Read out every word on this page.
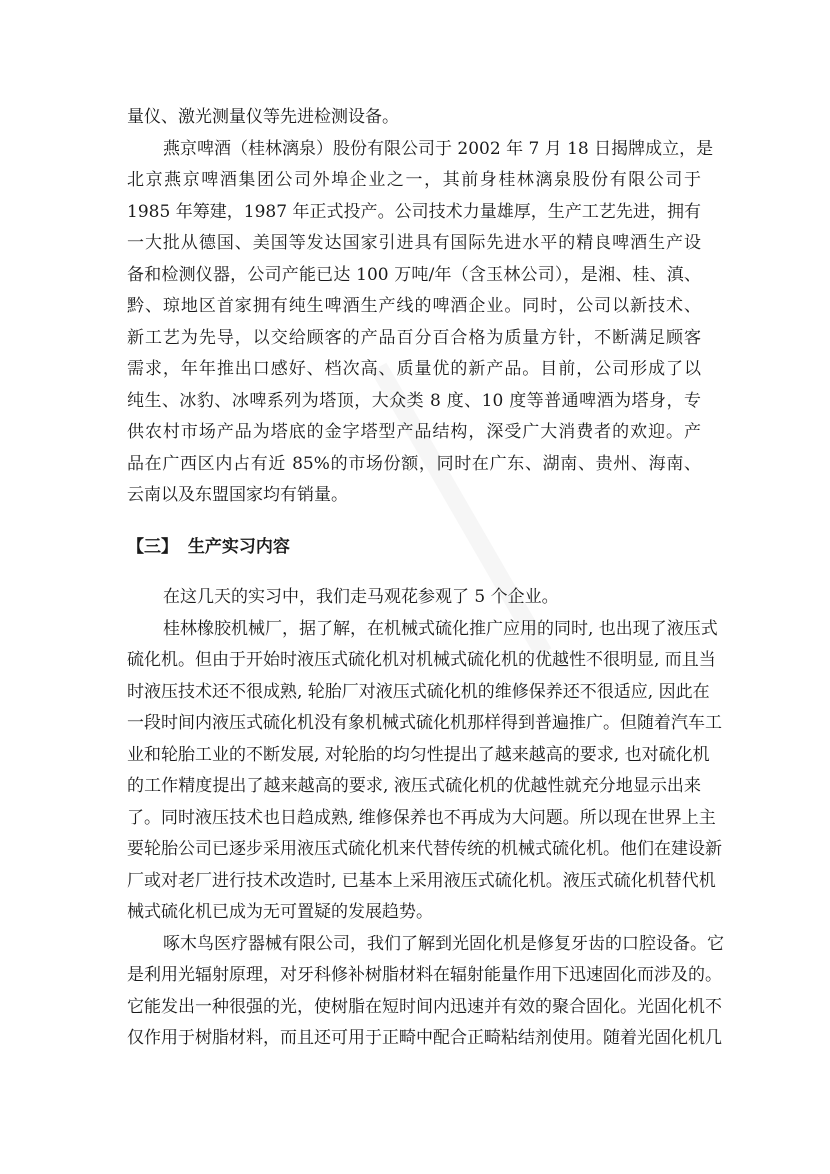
量仪、激光测量仪等先进检测设备。
燕京啤酒（桂林漓泉）股份有限公司于 2002 年 7 月 18 日揭牌成立，是
北京燕京啤酒集团公司外埠企业之一，其前身桂林漓泉股份有限公司于
1985 年筹建，1987 年正式投产。公司技术力量雄厚，生产工艺先进，拥有
一大批从德国、美国等发达国家引进具有国际先进水平的精良啤酒生产设
备和检测仪器，公司产能已达 100 万吨/年（含玉林公司），是湘、桂、滇、
黔、琼地区首家拥有纯生啤酒生产线的啤酒企业。同时，公司以新技术、
新工艺为先导，以交给顾客的产品百分百合格为质量方针，不断满足顾客
需求，年年推出口感好、档次高、质量优的新产品。目前，公司形成了以
纯生、冰豹、冰啤系列为塔顶，大众类 8 度、10 度等普通啤酒为塔身，专
供农村市场产品为塔底的金字塔型产品结构，深受广大消费者的欢迎。产
品在广西区内占有近 85%的市场份额，同时在广东、湖南、贵州、海南、
云南以及东盟国家均有销量。
【三】 生产实习内容
在这几天的实习中，我们走马观花参观了 5 个企业。
桂林橡胶机械厂，据了解，在机械式硫化推广应用的同时, 也出现了液压式
硫化机。但由于开始时液压式硫化机对机械式硫化机的优越性不很明显, 而且当
时液压技术还不很成熟, 轮胎厂对液压式硫化机的维修保养还不很适应, 因此在
一段时间内液压式硫化机没有象机械式硫化机那样得到普遍推广。但随着汽车工
业和轮胎工业的不断发展, 对轮胎的均匀性提出了越来越高的要求, 也对硫化机
的工作精度提出了越来越高的要求, 液压式硫化机的优越性就充分地显示出来
了。同时液压技术也日趋成熟, 维修保养也不再成为大问题。所以现在世界上主
要轮胎公司已逐步采用液压式硫化机来代替传统的机械式硫化机。他们在建设新
厂或对老厂进行技术改造时, 已基本上采用液压式硫化机。液压式硫化机替代机
械式硫化机已成为无可置疑的发展趋势。
啄木鸟医疗器械有限公司，我们了解到光固化机是修复牙齿的口腔设备。它
是利用光辐射原理，对牙科修补树脂材料在辐射能量作用下迅速固化而涉及的。
它能发出一种很强的光，使树脂在短时间内迅速并有效的聚合固化。光固化机不
仅作用于树脂材料，而且还可用于正畸中配合正畸粘结剂使用。随着光固化机几
